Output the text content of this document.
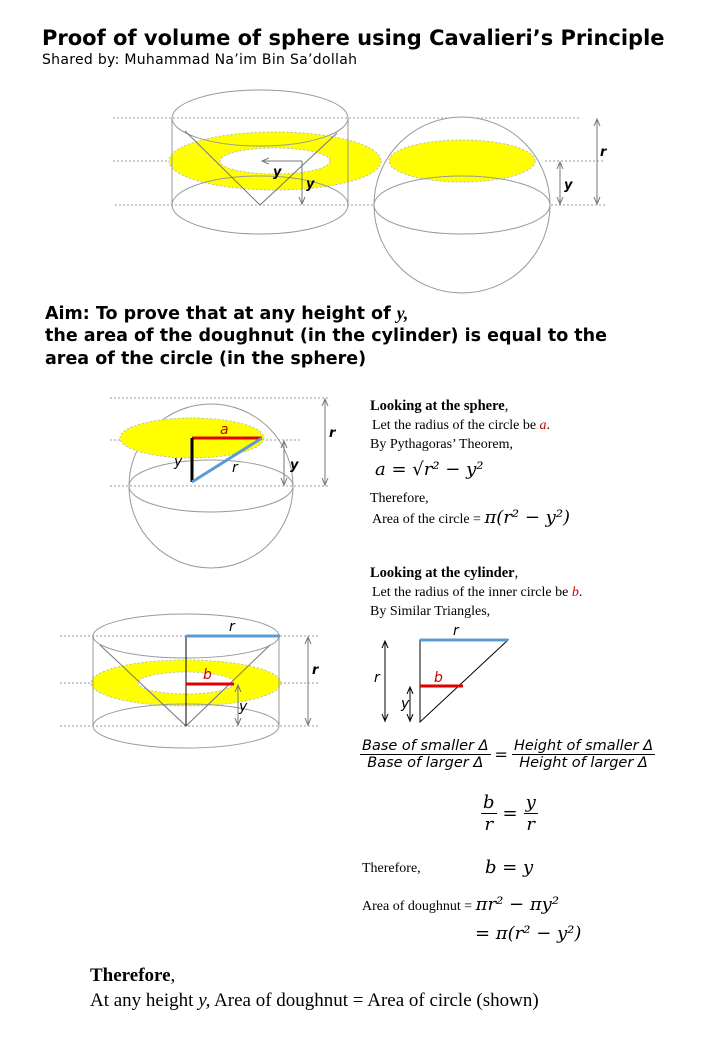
Proof of volume of sphere using Cavalieri’s Principle
Shared by: Muhammad Na’im Bin Sa’dollah
y
y	y
r
a
y	r	y
r
r
b
y
r
r
r	b
y
Aim: To prove that at any height of y,
the area of the doughnut (in the cylinder) is equal to the
area of the circle (in the sphere)
Looking at the sphere,
Let the radius of the circle be a.
By Pythagoras’ Theorem,
a = √r² − y²
Therefore,
Area of the circle = π(r² − y²)
Looking at the cylinder,
Let the radius of the inner circle be b.
By Similar Triangles,
$\frac{\text{Base of smaller Δ}}{\text{Base of larger Δ}} = \frac{\text{Height of smaller Δ}}{\text{Height of larger Δ}}$
$\frac{b}{r} = \frac{y}{r}$
Therefore,	b = y
Area of doughnut = πr² − πy²
= π(r² − y²)
Therefore,
At any height y, Area of doughnut = Area of circle (shown)
